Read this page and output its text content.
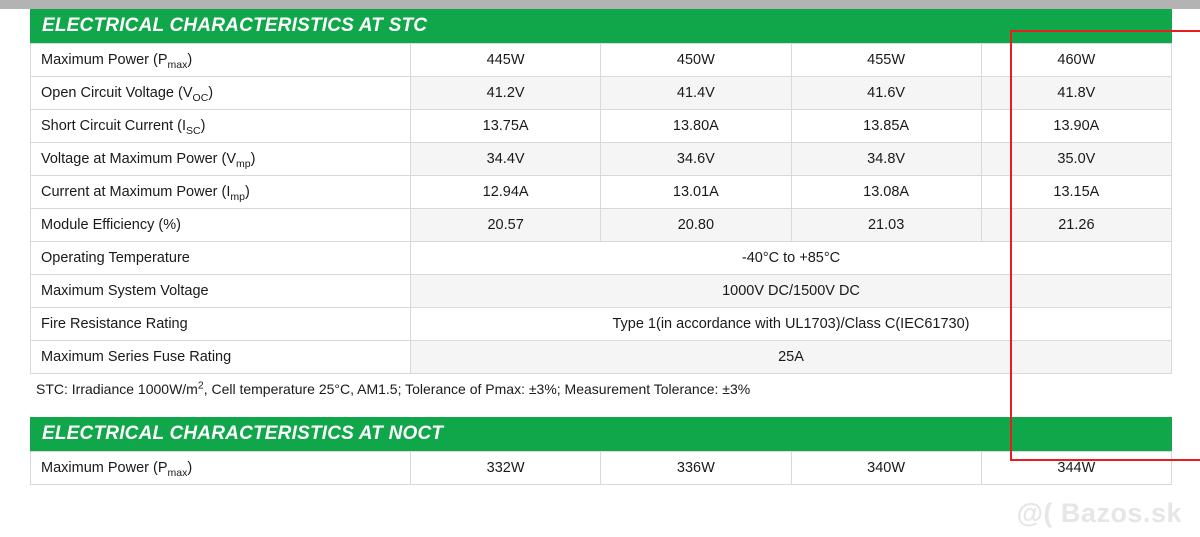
ELECTRICAL CHARACTERISTICS AT STC
Maximum Power $(P_{max})$	445W	450W	455W	460W
Open Circuit Voltage $(V_{OC})$	41.2V	41.4V	41.6V	41.8V
Short Circuit Current $(I_{SC})$	13.75A	13.80A	13.85A	13.90A
Voltage at Maximum Power $(V_{mp})$	34.4V	34.6V	34.8V	35.0V
Current at Maximum Power $(I_{mp})$	12.94A	13.01A	13.08A	13.15A
Module Efficiency (%)	20.57	20.80	21.03	21.26
Operating Temperature	-40°C to +85°C			
Maximum System Voltage	1000V DC/1500V DC			
Fire Resistance Rating	Type 1(in accordance with UL1703)/Class C(IEC61730)			
Maximum Series Fuse Rating	25A			
STC: Irradiance $1000W/m^2$, Cell temperature 25°C, AM1.5; Tolerance of Pmax: ±3%; Measurement Tolerance: ±3%
ELECTRICAL CHARACTERISTICS AT NOCT
Maximum Power $(P_{max})$	332W	336W	340W	344W
@( Bazos.sk
